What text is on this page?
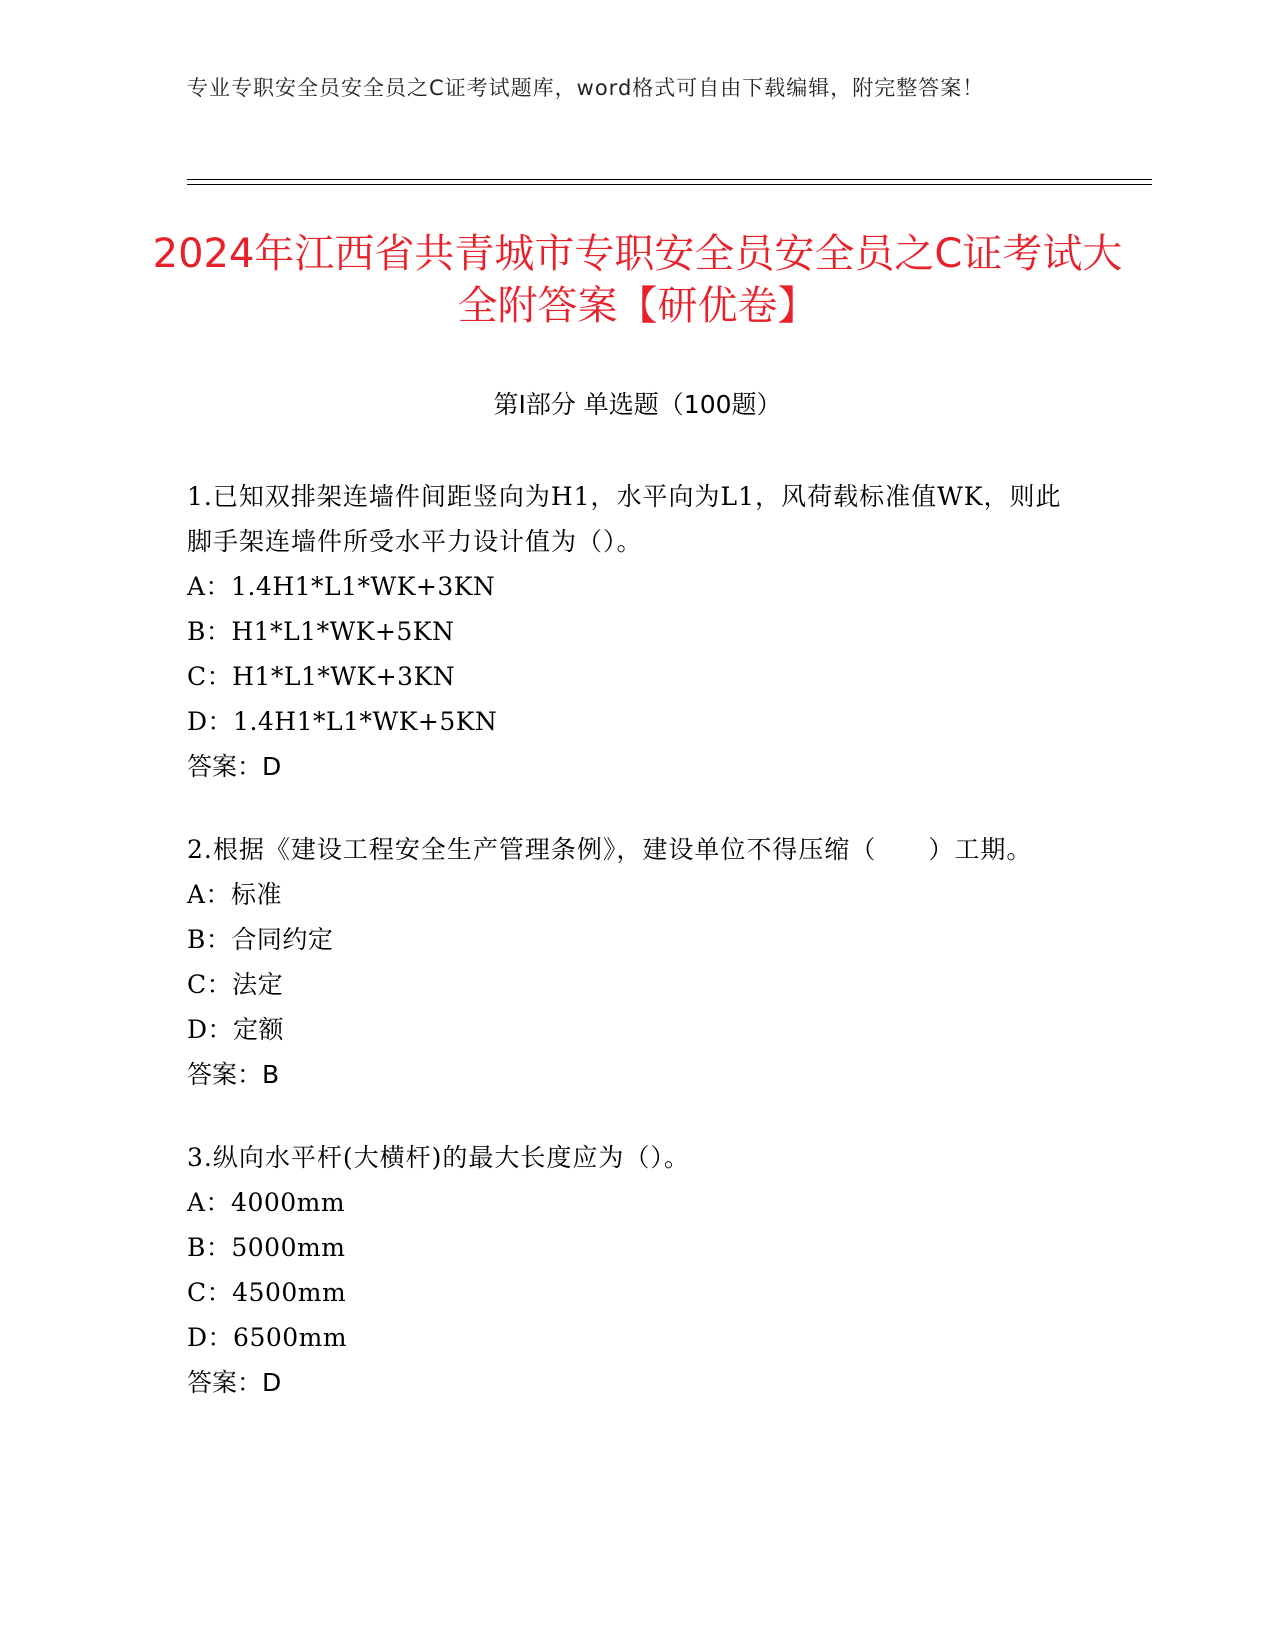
专业专职安全员安全员之C证考试题库，word格式可自由下载编辑，附完整答案！
2024年江西省共青城市专职安全员安全员之C证考试大全附答案【研优卷】
第Ⅰ部分 单选题（100题）

1.已知双排架连墙件间距竖向为H1，水平向为L1，风荷载标准值WK，则此脚手架连墙件所受水平力设计值为（）。

A：1.4H1*L1*WK+3KN

B：H1*L1*WK+5KN

C：H1*L1*WK+3KN

D：1.4H1*L1*WK+5KN

答案：D

2.根据《建设工程安全生产管理条例》，建设单位不得压缩（　　）工期。

A：标准

B：合同约定

C：法定

D：定额

答案：B

3.纵向水平杆(大横杆)的最大长度应为（）。

A：4000mm

B：5000mm

C：4500mm

D：6500mm

答案：D
